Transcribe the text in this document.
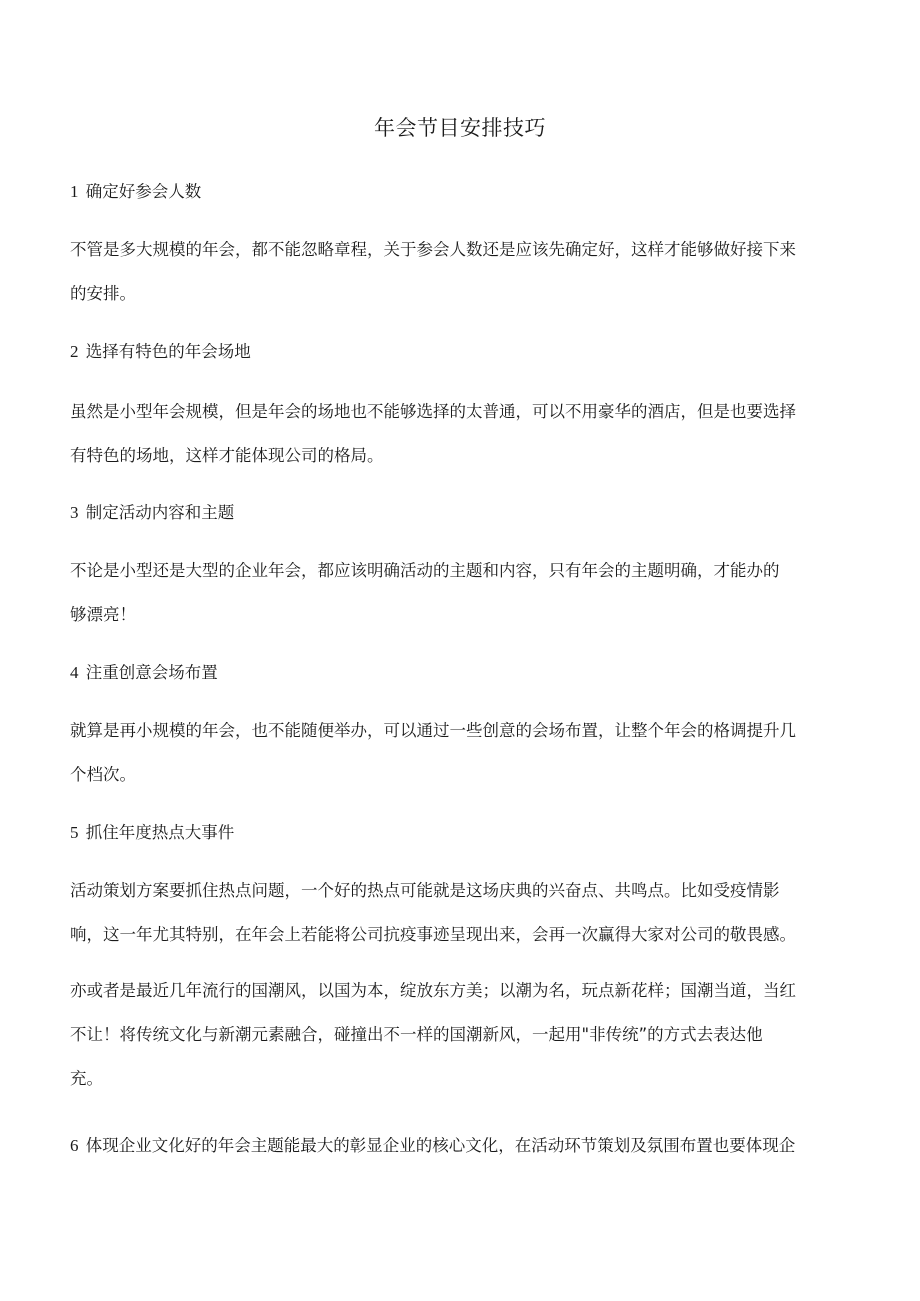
年会节目安排技巧
1 确定好参会人数
不管是多大规模的年会，都不能忽略章程，关于参会人数还是应该先确定好，这样才能够做好接下来
的安排。
2 选择有特色的年会场地
虽然是小型年会规模，但是年会的场地也不能够选择的太普通，可以不用豪华的酒店，但是也要选择
有特色的场地，这样才能体现公司的格局。
3 制定活动内容和主题
不论是小型还是大型的企业年会，都应该明确活动的主题和内容，只有年会的主题明确，才能办的
够漂亮！
4 注重创意会场布置
就算是再小规模的年会，也不能随便举办，可以通过一些创意的会场布置，让整个年会的格调提升几
个档次。
5 抓住年度热点大事件
活动策划方案要抓住热点问题，一个好的热点可能就是这场庆典的兴奋点、共鸣点。比如受疫情影
响，这一年尤其特别，在年会上若能将公司抗疫事迹呈现出来，会再一次赢得大家对公司的敬畏感。
亦或者是最近几年流行的国潮风，以国为本，绽放东方美；以潮为名，玩点新花样；国潮当道，当红
不让！将传统文化与新潮元素融合，碰撞出不一样的国潮新风，一起用"非传统”的方式去表达他
充。
6 体现企业文化好的年会主题能最大的彰显企业的核心文化，在活动环节策划及氛围布置也要体现企
